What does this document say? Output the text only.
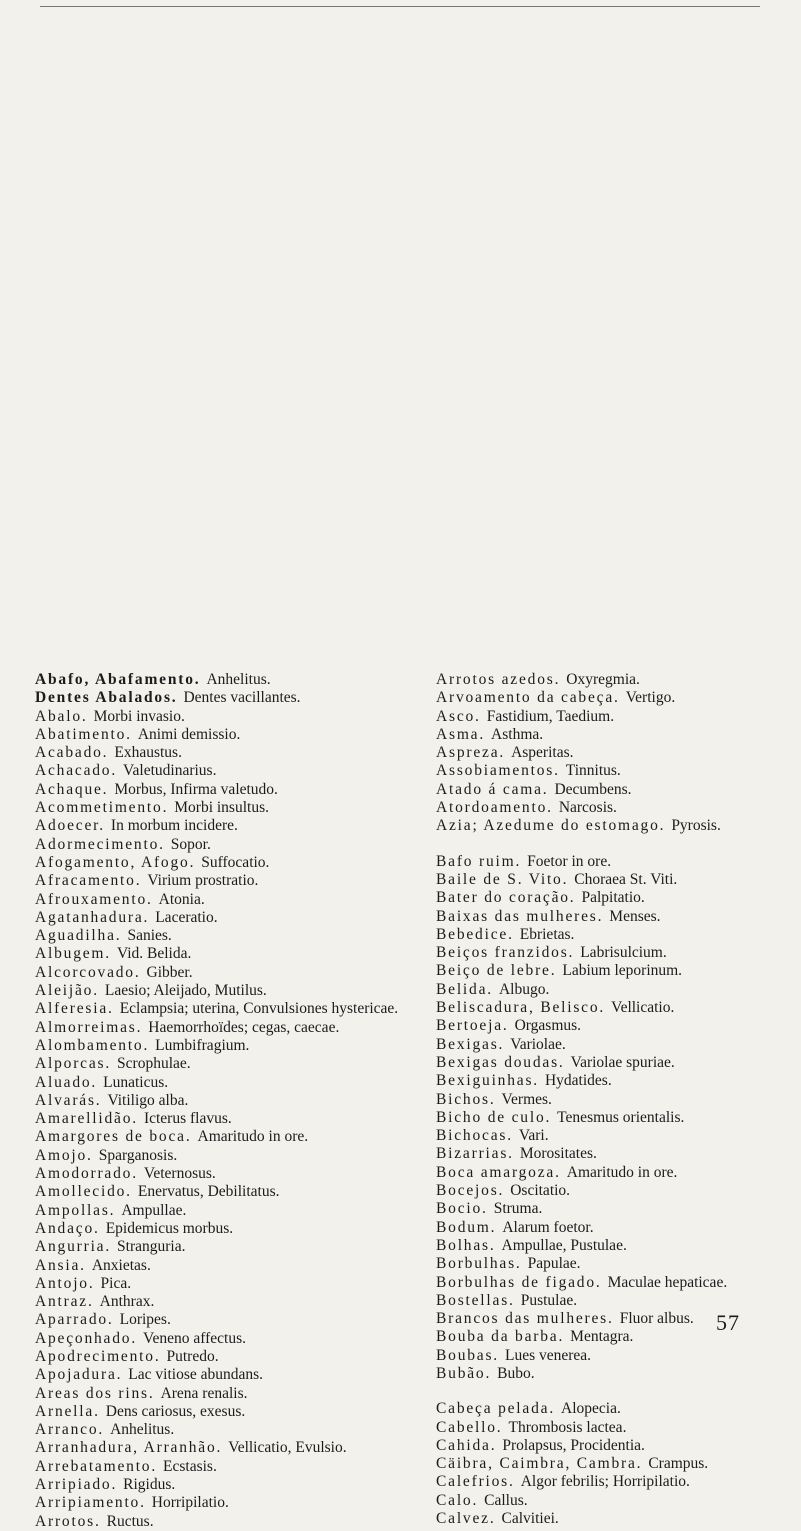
Abafo, Abafamento. Anhelitus.
Dentes Abalados. Dentes vacillantes.
Abalo. Morbi invasio.
Abatimento. Animi demissio.
Acabado. Exhaustus.
Achacado. Valetudinarius.
Achaque. Morbus, Infirma valetudo.
Acommetimento. Morbi insultus.
Adoecer. In morbum incidere.
Adormecimento. Sopor.
Afogamento, Afogo. Suffocatio.
Afracamento. Virium prostratio.
Afrouxamento. Atonia.
Agatanhadura. Laceratio.
Aguadilha. Sanies.
Albugem. Vid. Belida.
Alcorcovado. Gibber.
Aleijão. Laesio; Aleijado, Mutilus.
Alferesia. Eclampsia; uterina, Convulsiones hystericae.
Almorreimas. Haemorrhoïdes; cegas, caecae.
Alombamento. Lumbifragium.
Alporcas. Scrophulae.
Aluado. Lunaticus.
Alvarás. Vitiligo alba.
Amarellidão. Icterus flavus.
Amargores de boca. Amaritudo in ore.
Amojo. Sparganosis.
Amodorrado. Veternosus.
Amollecido. Enervatus, Debilitatus.
Ampollas. Ampullae.
Andaço. Epidemicus morbus.
Angurria. Stranguria.
Ansia. Anxietas.
Antojo. Pica.
Antraz. Anthrax.
Aparrado. Loripes.
Apeçonhado. Veneno affectus.
Apodrecimento. Putredo.
Apojadura. Lac vitiose abundans.
Areas dos rins. Arena renalis.
Arnella. Dens cariosus, exesus.
Arranco. Anhelitus.
Arranhadura, Arranhão. Vellicatio, Evulsio.
Arrebatamento. Ecstasis.
Arripiado. Rigidus.
Arripiamento. Horripilatio.
Arrotos. Ructus.
Arrotos azedos. Oxyregmia.
Arvoamento da cabeça. Vertigo.
Asco. Fastidium, Taedium.
Asma. Asthma.
Aspreza. Asperitas.
Assobiamentos. Tinnitus.
Atado á cama. Decumbens.
Atordoamento. Narcosis.
Azia; Azedume do estomago. Pyrosis.
Bafo ruim. Foetor in ore.
Baile de S. Vito. Choraea St. Viti.
Bater do coração. Palpitatio.
Baixas das mulheres. Menses.
Bebedice. Ebrietas.
Beiços franzidos. Labrisulcium.
Beiço de lebre. Labium leporinum.
Belida. Albugo.
Beliscadura, Belisco. Vellicatio.
Bertoeja. Orgasmus.
Bexigas. Variolae.
Bexigas doudas. Variolae spuriae.
Bexiguinhas. Hydatides.
Bichos. Vermes.
Bicho de culo. Tenesmus orientalis.
Bichocas. Vari.
Bizarrias. Morositates.
Boca amargoza. Amaritudo in ore.
Bocejos. Oscitatio.
Bocio. Struma.
Bodum. Alarum foetor.
Bolhas. Ampullae, Pustulae.
Borbulhas. Papulae.
Borbulhas de figado. Maculae hepaticae.
Bostellas. Pustulae.
Brancos das mulheres. Fluor albus.
Bouba da barba. Mentagra.
Boubas. Lues venerea.
Bubão. Bubo.
Cabeça pelada. Alopecia.
Cabello. Thrombosis lactea.
Cahida. Prolapsus, Procidentia.
Cäibra, Caimbra, Cambra. Crampus.
Calefrios. Algor febrilis; Horripilatio.
Calo. Callus.
Calvez. Calvitiei.
57
